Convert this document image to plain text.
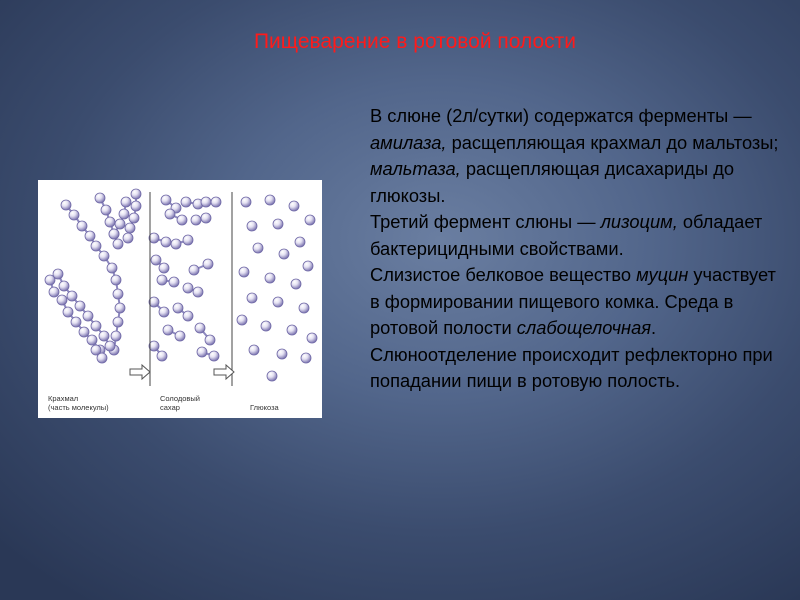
Пищеварение в ротовой полости
Крахмал
(часть молекулы)
Солодовый
сахар	Глюкоза

В слюне (2л/сутки) содержатся ферменты — амилаза, расщепляющая крахмал до мальтозы; мальтаза, расщепляющая дисахариды до глюкозы.

Третий фермент слюны — лизоцим, обладает бактерицидными свойствами.

Слизистое белковое вещество муцин участвует в формировании пищевого комка. Среда в ротовой полости слабощелочная.

Слюноотделение происходит рефлекторно при попадании пищи в ротовую полость.
